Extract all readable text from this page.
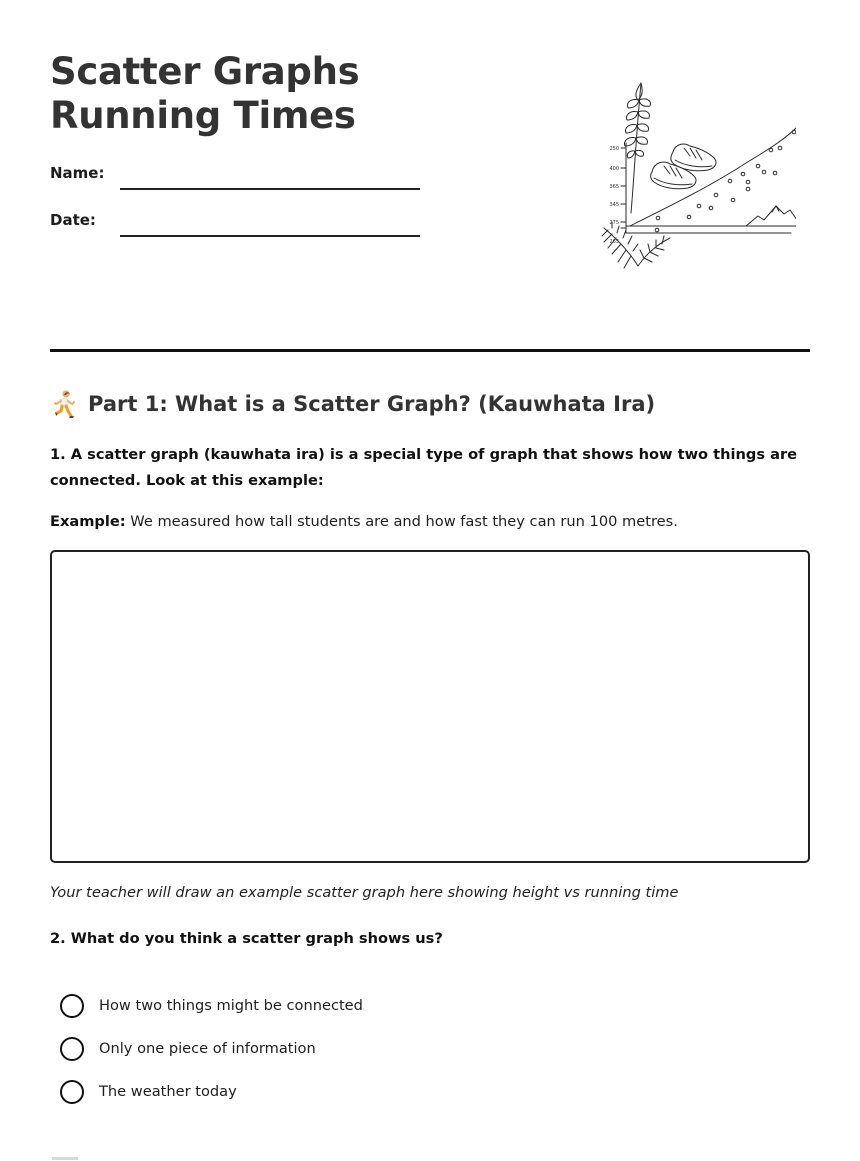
Scatter Graphs Running Times
Name:
Date:
250
400
365
345
275
265
Part 1: What is a Scatter Graph? (Kauwhata Ira)

1. A scatter graph (kauwhata ira) is a special type of graph that shows how two things are connected. Look at this example:

Example: We measured how tall students are and how fast they can run 100 metres.

Your teacher will draw an example scatter graph here showing height vs running time

2. What do you think a scatter graph shows us?

How two things might be connected
Only one piece of information
The weather today
